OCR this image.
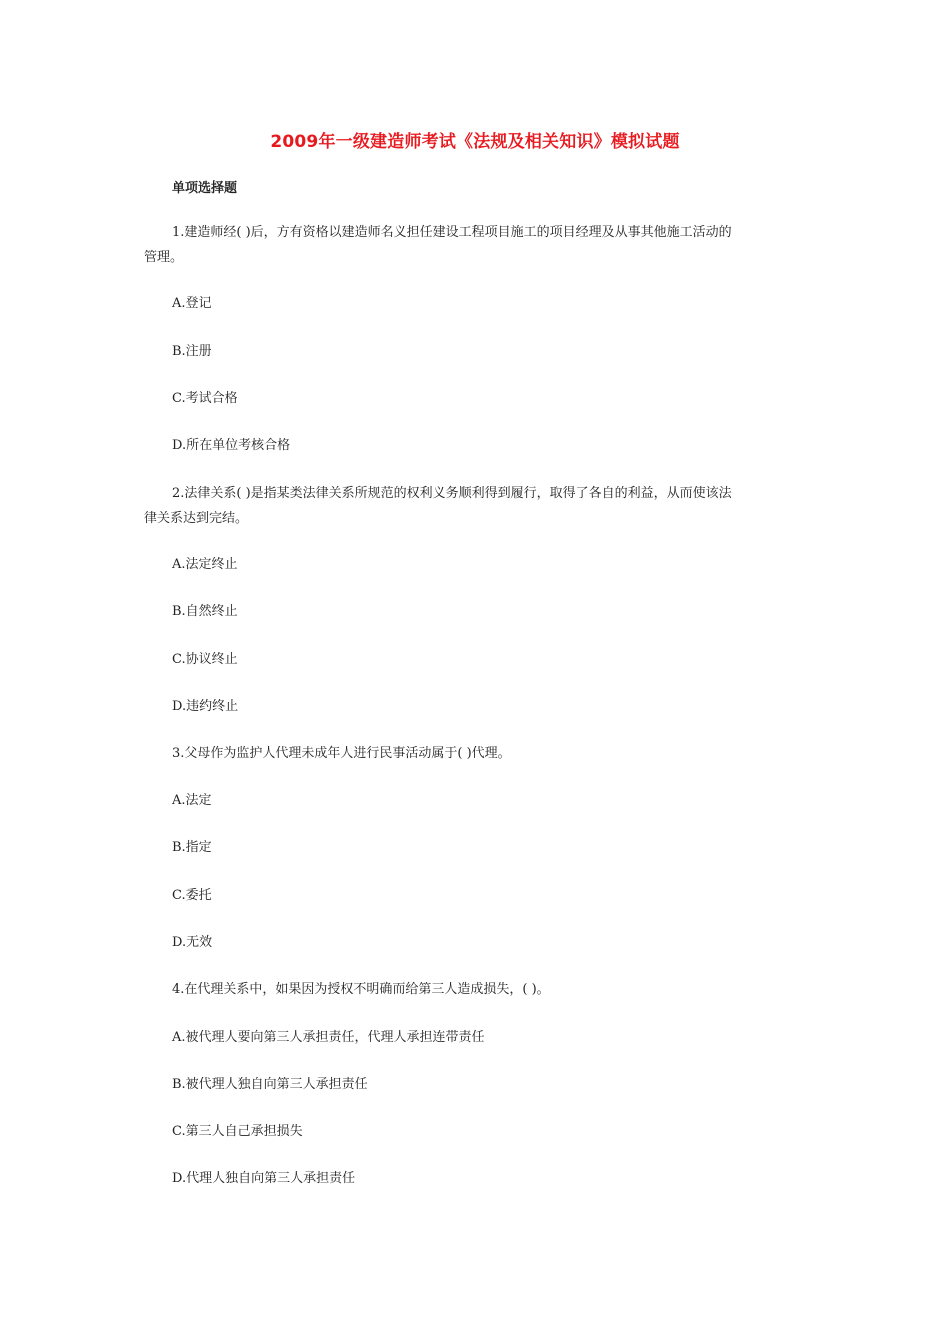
2009年一级建造师考试《法规及相关知识》模拟试题
单项选择题
1.建造师经( )后，方有资格以建造师名义担任建设工程项目施工的项目经理及从事其他施工活动的
管理。
A.登记
B.注册
C.考试合格
D.所在单位考核合格
2.法律关系( )是指某类法律关系所规范的权利义务顺利得到履行，取得了各自的利益，从而使该法
律关系达到完结。
A.法定终止
B.自然终止
C.协议终止
D.违约终止
3.父母作为监护人代理未成年人进行民事活动属于( )代理。
A.法定
B.指定
C.委托
D.无效
4.在代理关系中，如果因为授权不明确而给第三人造成损失，( )。
A.被代理人要向第三人承担责任，代理人承担连带责任
B.被代理人独自向第三人承担责任
C.第三人自己承担损失
D.代理人独自向第三人承担责任
